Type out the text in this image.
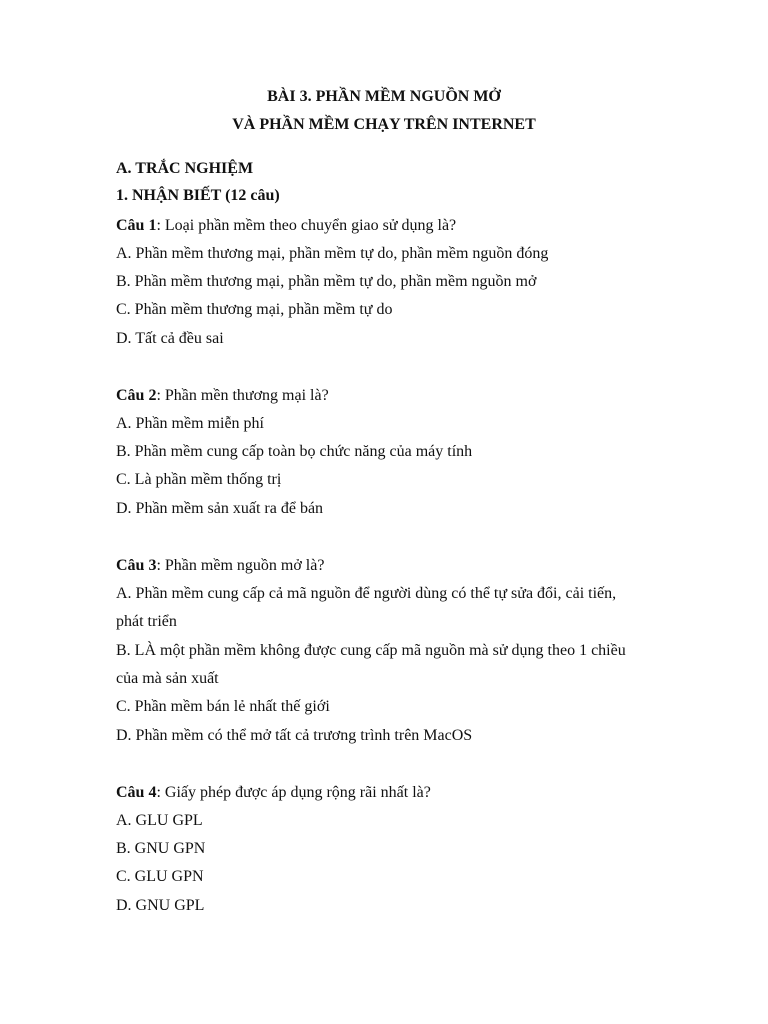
BÀI 3. PHẦN MỀM NGUỒN MỞ
VÀ PHẦN MỀM CHẠY TRÊN INTERNET
A. TRẮC NGHIỆM
1. NHẬN BIẾT (12 câu)
Câu 1: Loại phần mềm theo chuyển giao sử dụng là?
A. Phần mềm thương mại, phần mềm tự do, phần mềm nguồn đóng
B. Phần mềm thương mại, phần mềm tự do, phần mềm nguồn mở
C. Phần mềm thương mại, phần mềm tự do
D. Tất cả đều sai
Câu 2: Phần mền thương mại là?
A. Phần mềm miễn phí
B. Phần mềm cung cấp toàn bọ chức năng của máy tính
C. Là phần mềm thống trị
D. Phần mềm sản xuất ra để bán
Câu 3: Phần mềm nguồn mở là?
A. Phần mềm cung cấp cả mã nguồn để người dùng có thể tự sửa đổi, cải tiến,
phát triển
B. LÀ một phần mềm không được cung cấp mã nguồn mà sử dụng theo 1 chiều
của mà sản xuất
C. Phần mềm bán lẻ nhất thế giới
D. Phần mềm có thể mở tất cả trương trình trên MacOS
Câu 4: Giấy phép được áp dụng rộng rãi nhất là?
A. GLU GPL
B. GNU GPN
C. GLU GPN
D. GNU GPL
